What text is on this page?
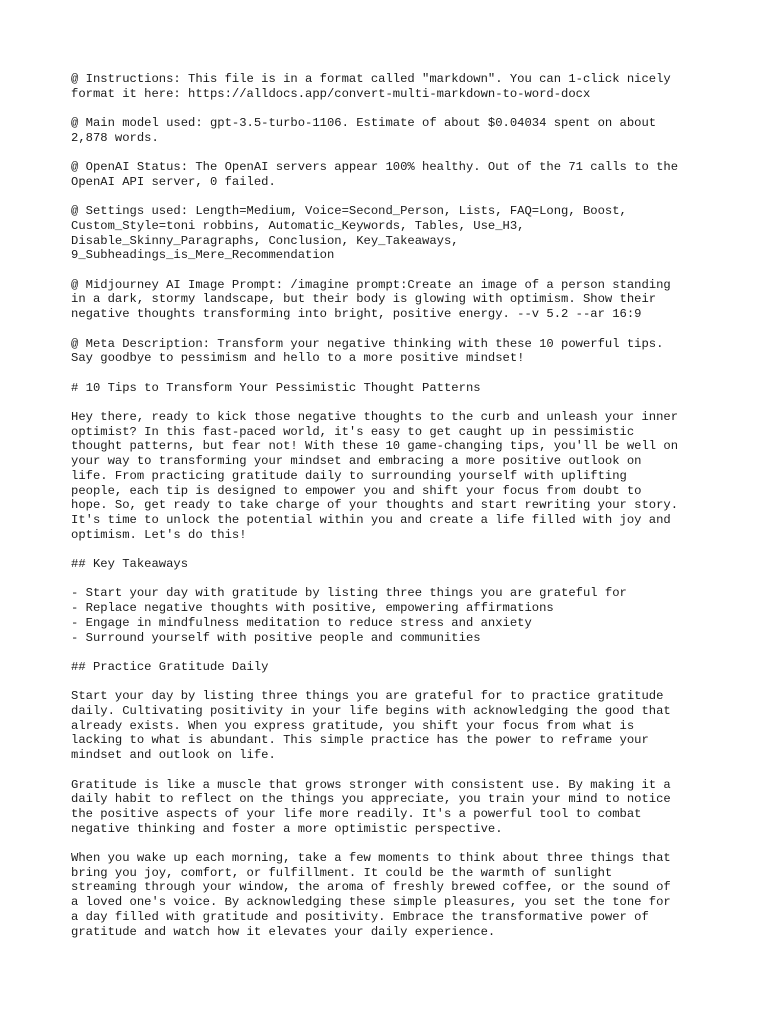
@ Instructions: This file is in a format called "markdown". You can 1-click nicely
format it here: https://alldocs.app/convert-multi-markdown-to-word-docx

@ Main model used: gpt-3.5-turbo-1106. Estimate of about $0.04034 spent on about
2,878 words.

@ OpenAI Status: The OpenAI servers appear 100% healthy. Out of the 71 calls to the
OpenAI API server, 0 failed.

@ Settings used: Length=Medium, Voice=Second_Person, Lists, FAQ=Long, Boost,
Custom_Style=toni robbins, Automatic_Keywords, Tables, Use_H3,
Disable_Skinny_Paragraphs, Conclusion, Key_Takeaways,
9_Subheadings_is_Mere_Recommendation

@ Midjourney AI Image Prompt: /imagine prompt:Create an image of a person standing
in a dark, stormy landscape, but their body is glowing with optimism. Show their
negative thoughts transforming into bright, positive energy. --v 5.2 --ar 16:9

@ Meta Description: Transform your negative thinking with these 10 powerful tips.
Say goodbye to pessimism and hello to a more positive mindset!

# 10 Tips to Transform Your Pessimistic Thought Patterns

Hey there, ready to kick those negative thoughts to the curb and unleash your inner
optimist? In this fast-paced world, it's easy to get caught up in pessimistic
thought patterns, but fear not! With these 10 game-changing tips, you'll be well on
your way to transforming your mindset and embracing a more positive outlook on
life. From practicing gratitude daily to surrounding yourself with uplifting
people, each tip is designed to empower you and shift your focus from doubt to
hope. So, get ready to take charge of your thoughts and start rewriting your story.
It's time to unlock the potential within you and create a life filled with joy and
optimism. Let's do this!

## Key Takeaways

- Start your day with gratitude by listing three things you are grateful for
- Replace negative thoughts with positive, empowering affirmations
- Engage in mindfulness meditation to reduce stress and anxiety
- Surround yourself with positive people and communities

## Practice Gratitude Daily

Start your day by listing three things you are grateful for to practice gratitude
daily. Cultivating positivity in your life begins with acknowledging the good that
already exists. When you express gratitude, you shift your focus from what is
lacking to what is abundant. This simple practice has the power to reframe your
mindset and outlook on life.

Gratitude is like a muscle that grows stronger with consistent use. By making it a
daily habit to reflect on the things you appreciate, you train your mind to notice
the positive aspects of your life more readily. It's a powerful tool to combat
negative thinking and foster a more optimistic perspective.

When you wake up each morning, take a few moments to think about three things that
bring you joy, comfort, or fulfillment. It could be the warmth of sunlight
streaming through your window, the aroma of freshly brewed coffee, or the sound of
a loved one's voice. By acknowledging these simple pleasures, you set the tone for
a day filled with gratitude and positivity. Embrace the transformative power of
gratitude and watch how it elevates your daily experience.
